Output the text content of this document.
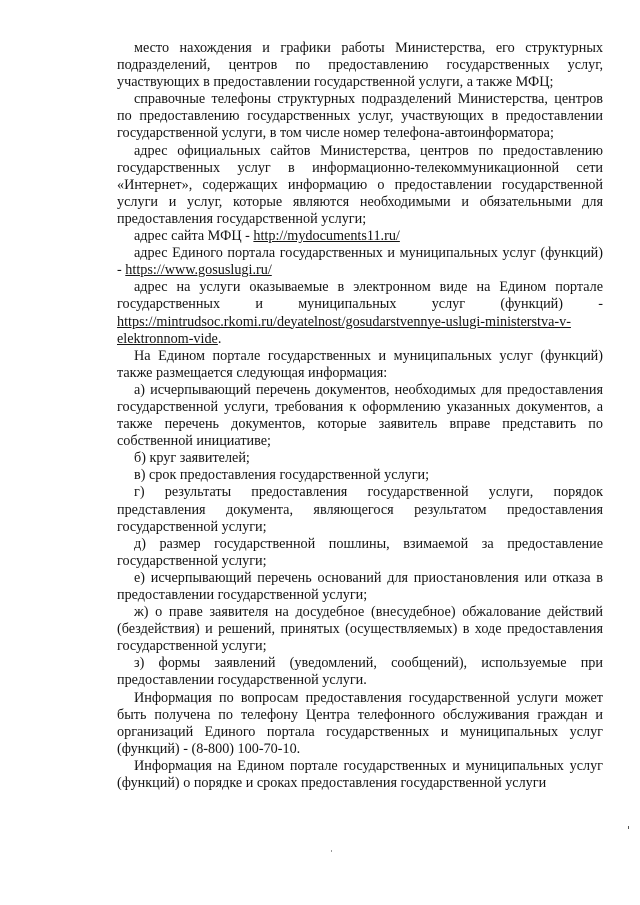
место нахождения и графики работы Министерства, его структурных подразделений, центров по предоставлению государственных услуг, участвующих в предоставлении государственной услуги, а также МФЦ;

справочные телефоны структурных подразделений Министерства, центров по предоставлению государственных услуг, участвующих в предоставлении государственной услуги, в том числе номер телефона-автоинформатора;

адрес официальных сайтов Министерства, центров по предоставлению государственных услуг в информационно-телекоммуникационной сети «Интернет», содержащих информацию о предоставлении государственной услуги и услуг, которые являются необходимыми и обязательными для предоставления государственной услуги;

адрес сайта МФЦ - http://mydocuments11.ru/

адрес Единого портала государственных и муниципальных услуг (функций) - https://www.gosuslugi.ru/

адрес на услуги оказываемые в электронном виде на Едином портале

государственных и муниципальных услуг (функций) -

https://mintrudsoc.rkomi.ru/deyatelnost/gosudarstvennye-uslugi-ministerstva-v-
elektronnom-vide.

На Едином портале государственных и муниципальных услуг (функций) также размещается следующая информация:

а) исчерпывающий перечень документов, необходимых для предоставления государственной услуги, требования к оформлению указанных документов, а также перечень документов, которые заявитель вправе представить по собственной инициативе;

б) круг заявителей;

в) срок предоставления государственной услуги;

г) результаты предоставления государственной услуги, порядок представления документа, являющегося результатом предоставления государственной услуги;

д) размер государственной пошлины, взимаемой за предоставление государственной услуги;

е) исчерпывающий перечень оснований для приостановления или отказа в предоставлении государственной услуги;

ж) о праве заявителя на досудебное (внесудебное) обжалование действий (бездействия) и решений, принятых (осуществляемых) в ходе предоставления государственной услуги;

з) формы заявлений (уведомлений, сообщений), используемые при предоставлении государственной услуги.

Информация по вопросам предоставления государственной услуги может быть получена по телефону Центра телефонного обслуживания граждан и организаций Единого портала государственных и муниципальных услуг (функций) - (8-800) 100-70-10.

Информация на Едином портале государственных и муниципальных услуг (функций) о порядке и сроках предоставления государственной услуги
